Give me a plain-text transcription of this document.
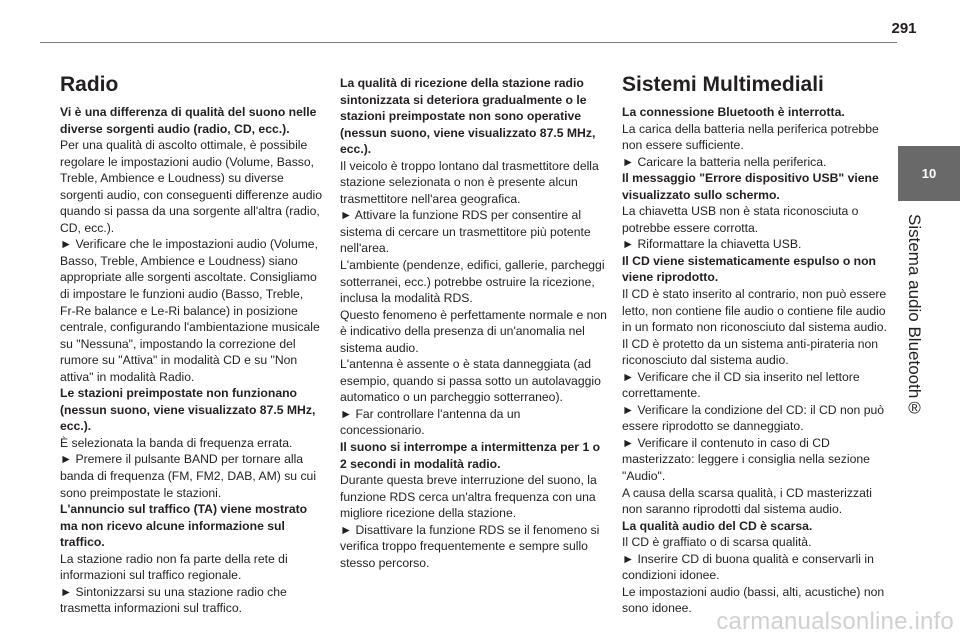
291
10
Sistema audio Bluetooth®
Radio

Vi è una differenza di qualità del suono nelle diverse sorgenti audio (radio, CD, ecc.).

Per una qualità di ascolto ottimale, è possibile regolare le impostazioni audio (Volume, Basso, Treble, Ambience e Loudness) su diverse sorgenti audio, con conseguenti differenze audio quando si passa da una sorgente all'altra (radio, CD, ecc.).

► Verificare che le impostazioni audio (Volume, Basso, Treble, Ambience e Loudness) siano appropriate alle sorgenti ascoltate. Consigliamo di impostare le funzioni audio (Basso, Treble, Fr-Re balance e Le-Ri balance) in posizione centrale, configurando l'ambientazione musicale su "Nessuna", impostando la correzione del rumore su "Attiva" in modalità CD e su "Non attiva" in modalità Radio.

Le stazioni preimpostate non funzionano (nessun suono, viene visualizzato 87.5 MHz, ecc.).

È selezionata la banda di frequenza errata.

► Premere il pulsante BAND per tornare alla banda di frequenza (FM, FM2, DAB, AM) su cui sono preimpostate le stazioni.

L'annuncio sul traffico (TA) viene mostrato ma non ricevo alcune informazione sul traffico.

La stazione radio non fa parte della rete di informazioni sul traffico regionale.

► Sintonizzarsi su una stazione radio che trasmetta informazioni sul traffico.

La qualità di ricezione della stazione radio sintonizzata si deteriora gradualmente o le stazioni preimpostate non sono operative (nessun suono, viene visualizzato 87.5 MHz, ecc.).

Il veicolo è troppo lontano dal trasmettitore della stazione selezionata o non è presente alcun trasmettitore nell'area geografica.

► Attivare la funzione RDS per consentire al sistema di cercare un trasmettitore più potente nell'area.

L'ambiente (pendenze, edifici, gallerie, parcheggi sotterranei, ecc.) potrebbe ostruire la ricezione, inclusa la modalità RDS.

Questo fenomeno è perfettamente normale e non è indicativo della presenza di un'anomalia nel sistema audio.

L'antenna è assente o è stata danneggiata (ad esempio, quando si passa sotto un autolavaggio automatico o un parcheggio sotterraneo).

► Far controllare l'antenna da un concessionario.

Il suono si interrompe a intermittenza per 1 o 2 secondi in modalità radio.

Durante questa breve interruzione del suono, la funzione RDS cerca un'altra frequenza con una migliore ricezione della stazione.

► Disattivare la funzione RDS se il fenomeno si verifica troppo frequentemente e sempre sullo stesso percorso.

Sistemi Multimediali

La connessione Bluetooth è interrotta.

La carica della batteria nella periferica potrebbe non essere sufficiente.

► Caricare la batteria nella periferica.

Il messaggio "Errore dispositivo USB" viene visualizzato sullo schermo.

La chiavetta USB non è stata riconosciuta o potrebbe essere corrotta.

► Riformattare la chiavetta USB.

Il CD viene sistematicamente espulso o non viene riprodotto.

Il CD è stato inserito al contrario, non può essere letto, non contiene file audio o contiene file audio in un formato non riconosciuto dal sistema audio.

Il CD è protetto da un sistema anti-pirateria non riconosciuto dal sistema audio.

► Verificare che il CD sia inserito nel lettore correttamente.

► Verificare la condizione del CD: il CD non può essere riprodotto se danneggiato.

► Verificare il contenuto in caso di CD masterizzato: leggere i consiglia nella sezione "Audio".

A causa della scarsa qualità, i CD masterizzati non saranno riprodotti dal sistema audio.

La qualità audio del CD è scarsa.

Il CD è graffiato o di scarsa qualità.

► Inserire CD di buona qualità e conservarli in condizioni idonee.

Le impostazioni audio (bassi, alti, acustiche) non sono idonee.	carmanualsonline.info
